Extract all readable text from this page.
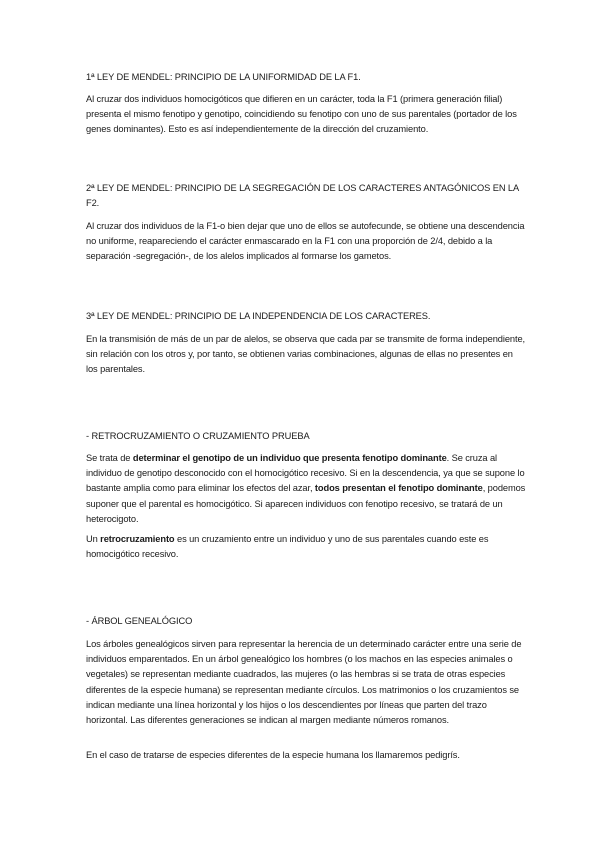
1ª LEY DE MENDEL: PRINCIPIO DE LA UNIFORMIDAD DE LA F1.

Al cruzar dos individuos homocigóticos que difieren en un carácter, toda la F1 (primera generación filial) presenta el mismo fenotipo y genotipo, coincidiendo su fenotipo con uno de sus parentales (portador de los genes dominantes). Esto es así independientemente de la dirección del cruzamiento.

2ª LEY DE MENDEL: PRINCIPIO DE LA SEGREGACIÓN DE LOS CARACTERES ANTAGÓNICOS EN LA F2.

Al cruzar dos individuos de la F1-o bien dejar que uno de ellos se autofecunde, se obtiene una descendencia no uniforme, reapareciendo el carácter enmascarado en la F1 con una proporción de 2/4, debido a la separación -segregación-, de los alelos implicados al formarse los gametos.

3ª LEY DE MENDEL: PRINCIPIO DE LA INDEPENDENCIA DE LOS CARACTERES.

En la transmisión de más de un par de alelos, se observa que cada par se transmite de forma independiente, sin relación con los otros y, por tanto, se obtienen varias combinaciones, algunas de ellas no presentes en los parentales.

- RETROCRUZAMIENTO O CRUZAMIENTO PRUEBA

Se trata de determinar el genotipo de un individuo que presenta fenotipo dominante. Se cruza al individuo de genotipo desconocido con el homocigótico recesivo. Si en la descendencia, ya que se supone lo bastante amplia como para eliminar los efectos del azar, todos presentan el fenotipo dominante, podemos suponer que el parental es homocigótico. Si aparecen individuos con fenotipo recesivo, se tratará de un heterocigoto.

Un retrocruzamiento es un cruzamiento entre un individuo y uno de sus parentales cuando este es homocigótico recesivo.

- ÁRBOL GENEALÓGICO

Los árboles genealógicos sirven para representar la herencia de un determinado carácter entre una serie de individuos emparentados. En un árbol genealógico los hombres (o los machos en las especies animales o vegetales) se representan mediante cuadrados, las mujeres (o las hembras si se trata de otras especies diferentes de la especie humana) se representan mediante círculos. Los matrimonios o los cruzamientos se indican mediante una línea horizontal y los hijos o los descendientes por líneas que parten del trazo horizontal. Las diferentes generaciones se indican al margen mediante números romanos.

En el caso de tratarse de especies diferentes de la especie humana los llamaremos pedigrís.
